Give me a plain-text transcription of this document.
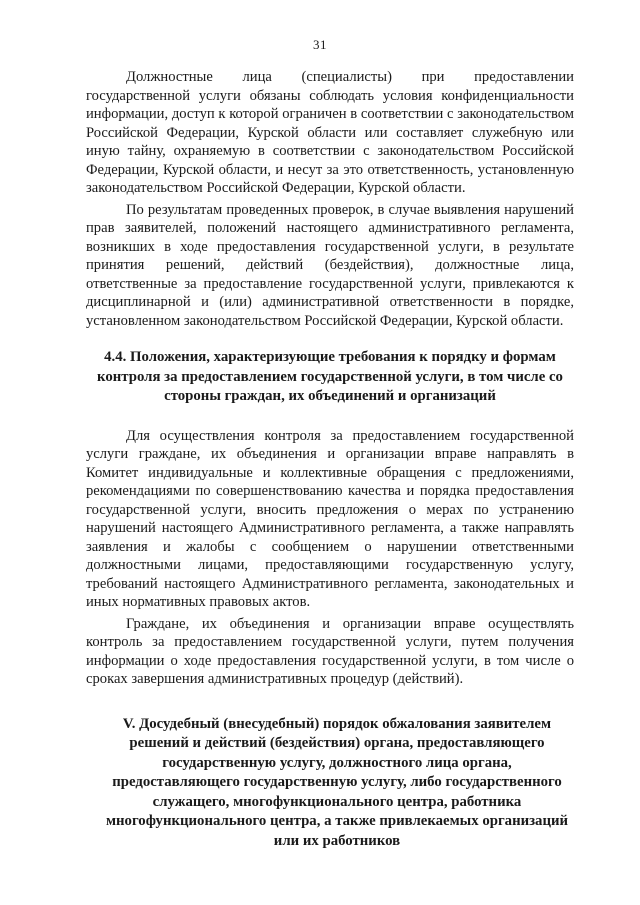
31

Должностные лица (специалисты) при предоставлении государственной услуги обязаны соблюдать условия конфиденциальности информации, доступ к которой ограничен в соответствии с законодательством Российской Федерации, Курской области или составляет служебную или иную тайну, охраняемую в соответствии с законодательством Российской Федерации, Курской области, и несут за это ответственность, установленную законодательством Российской Федерации, Курской области.

По результатам проведенных проверок, в случае выявления нарушений прав заявителей, положений настоящего административного регламента, возникших в ходе предоставления государственной услуги, в результате принятия решений, действий (бездействия), должностные лица, ответственные за предоставление государственной услуги, привлекаются к дисциплинарной и (или) административной ответственности в порядке, установленном законодательством Российской Федерации, Курской области.

4.4. Положения, характеризующие требования к порядку и формам контроля за предоставлением государственной услуги, в том числе со стороны граждан, их объединений и организаций

Для осуществления контроля за предоставлением государственной услуги граждане, их объединения и организации вправе направлять в Комитет индивидуальные и коллективные обращения с предложениями, рекомендациями по совершенствованию качества и порядка предоставления государственной услуги, вносить предложения о мерах по устранению нарушений настоящего Административного регламента, а также направлять заявления и жалобы с сообщением о нарушении ответственными должностными лицами, предоставляющими государственную услугу, требований настоящего Административного регламента, законодательных и иных нормативных правовых актов.

Граждане, их объединения и организации вправе осуществлять контроль за предоставлением государственной услуги, путем получения информации о ходе предоставления государственной услуги, в том числе о сроках завершения административных процедур (действий).

V. Досудебный (внесудебный) порядок обжалования заявителем решений и действий (бездействия) органа, предоставляющего государственную услугу, должностного лица органа, предоставляющего государственную услугу, либо государственного служащего, многофункционального центра, работника многофункционального центра, а также привлекаемых организаций или их работников
